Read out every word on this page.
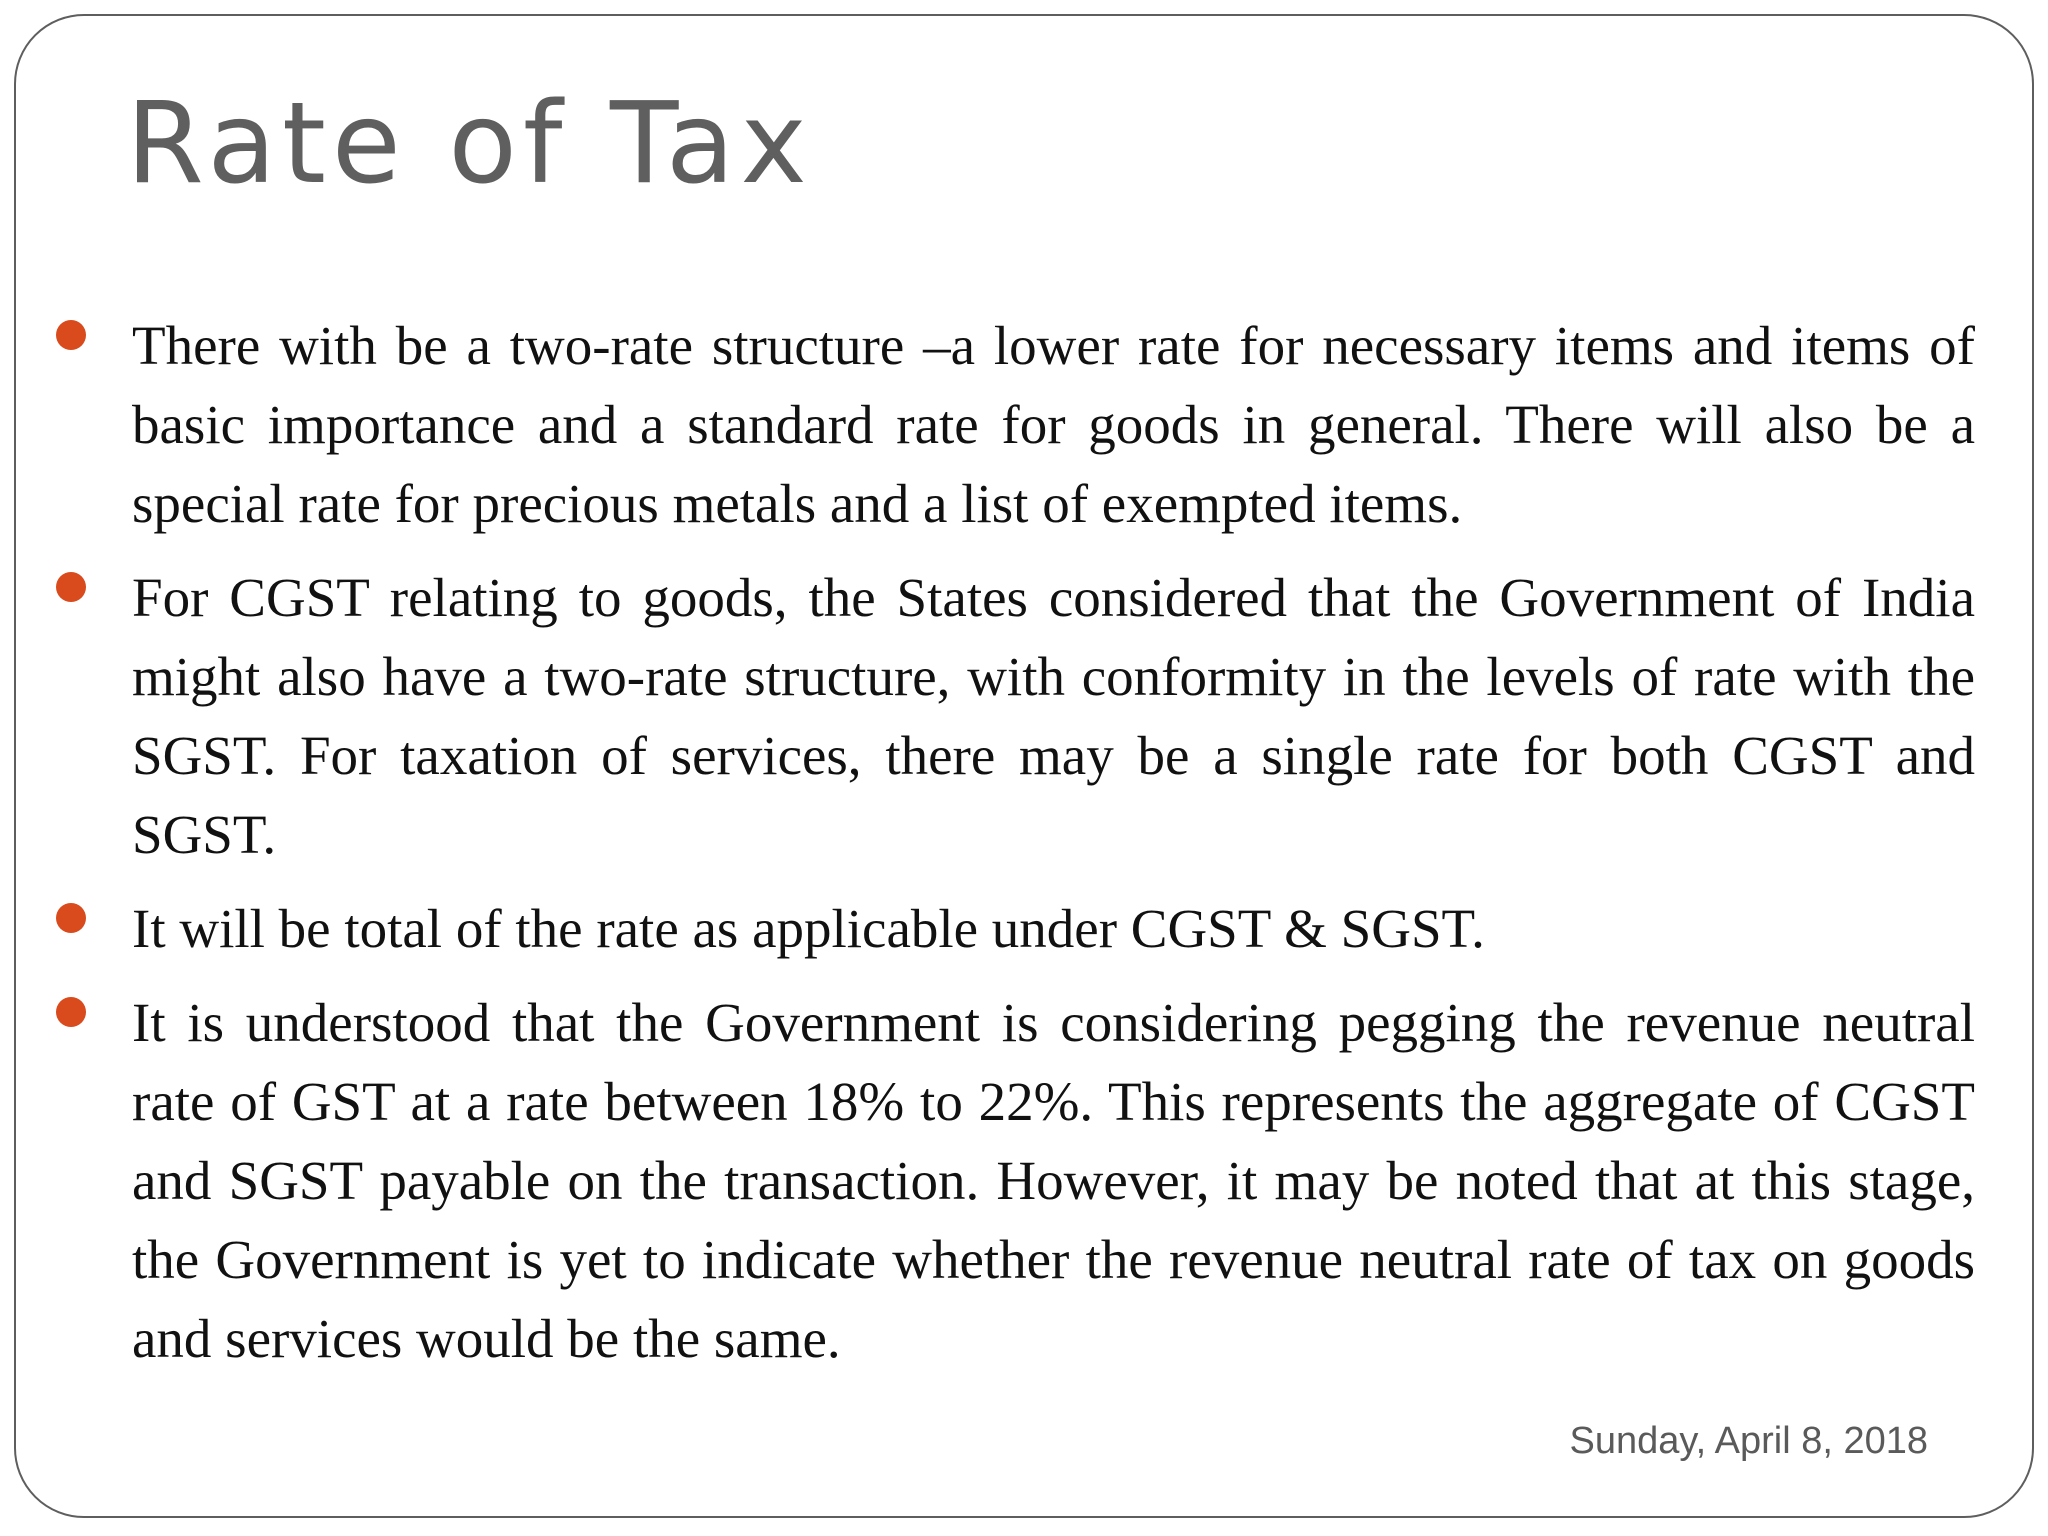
Rate of Tax
There with be a two-rate structure –a lower rate for necessary items and items of basic importance and a standard rate for goods in general. There will also be a special rate for precious metals and a list of exempted items.
For CGST relating to goods, the States considered that the Government of India might also have a two-rate structure, with conformity in the levels of rate with the SGST. For taxation of services, there may be a single rate for both CGST and SGST.
It will be total of the rate as applicable under CGST & SGST.
It is understood that the Government is considering pegging the revenue neutral rate of GST at a rate between 18% to 22%. This represents the aggregate of CGST and SGST payable on the transaction. However, it may be noted that at this stage, the Government is yet to indicate whether the revenue neutral rate of tax on goods and services would be the same.
Sunday, April 8, 2018
